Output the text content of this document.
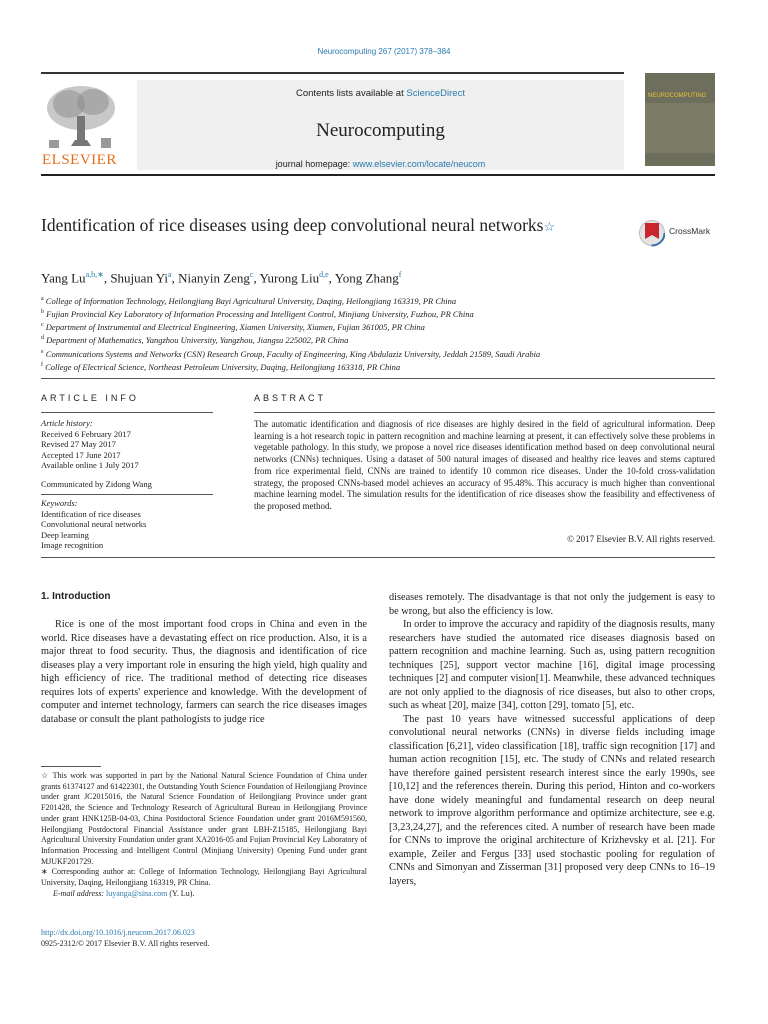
Neurocomputing 267 (2017) 378–384
ELSEVIER
Contents lists available at ScienceDirect
Neurocomputing
journal homepage: www.elsevier.com/locate/neucom
NEUROCOMPUTING
Identification of rice diseases using deep convolutional neural networks☆	CrossMark
Yang $Lu^{a,b,∗}$, Shujuan Yi$^a$, Nianyin Zeng$^c$, Yurong Liu$^{d,e}$, Yong Zhang$^f$
$^a$ College of Information Technology, Heilongjiang Bayi Agricultural University, Daqing, Heilongjiang 163319, PR China
$^b$ Fujian Provincial Key Laboratory of Information Processing and Intelligent Control, Minjiang University, Fuzhou, PR China
$^c$ Department of Instrumental and Electrical Engineering, Xiamen University, Xiamen, Fujian 361005, PR China
$^d$ Department of Mathematics, Yangzhou University, Yangzhou, Jiangsu 225002, PR China
$^e$ Communications Systems and Networks (CSN) Research Group, Faculty of Engineering, King Abdulaziz University, Jeddah 21589, Saudi Arabia
$^f$ College of Electrical Science, Northeast Petroleum University, Daqing, Heilongjiang 163318, PR China
ARTICLE INFO	ABSTRACT
Article history:
Received 6 February 2017
Revised 27 May 2017
Accepted 17 June 2017
Available online 1 July 2017
Communicated by Zidong Wang
Keywords:
Identification of rice diseases
Convolutional neural networks
Deep learning
Image recognition
The automatic identification and diagnosis of rice diseases are highly desired in the field of agricultural information. Deep learning is a hot research topic in pattern recognition and machine learning at present, it can effectively solve these problems in vegetable pathology. In this study, we propose a novel rice diseases identification method based on deep convolutional neural networks (CNNs) techniques. Using a dataset of 500 natural images of diseased and healthy rice leaves and stems captured from rice experimental field, CNNs are trained to identify 10 common rice diseases. Under the 10-fold cross-validation strategy, the proposed CNNs-based model achieves an accuracy of 95.48%. This accuracy is much higher than conventional machine learning model. The simulation results for the identification of rice diseases show the feasibility and effectiveness of the proposed method.
© 2017 Elsevier B.V. All rights reserved.
1. Introduction

Rice is one of the most important food crops in China and even in the world. Rice diseases have a devastating effect on rice production. Also, it is a major threat to food security. Thus, the diagnosis and identification of rice diseases play a very important role in ensuring the high yield, high quality and high efficiency of rice. The traditional method of detecting rice diseases requires lots of experts' experience and knowledge. With the development of computer and internet technology, farmers can search the rice diseases images database or consult the plant pathologists to judge rice

☆ This work was supported in part by the National Natural Science Foundation of China under grants 61374127 and 61422301, the Outstanding Youth Science Foundation of Heilongjiang Province under grant JC2015016, the Natural Science Foundation of Heilongjiang Province under grant F201428, the Science and Technology Research of Agricultural Bureau in Heilongjiang Province under grant HNK125B-04-03, China Postdoctoral Science Foundation under grant 2016M591560, Heilongjiang Postdoctoral Financial Assistance under grant LBH-Z15185, Heilongjiang Bayi Agricultural University Foundation under grant XA2016-05 and Fujian Provincial Key Laboratory of Information Processing and Intelligent Control (Minjiang University) Opening Fund under grant MJUKF201729.
∗ Corresponding author at: College of Information Technology, Heilongjiang Bayi Agricultural University, Daqing, Heilongjiang 163319, PR China.
E-mail address: luyanga@sina.com (Y. Lu).
http://dx.doi.org/10.1016/j.neucom.2017.06.023
0925-2312/© 2017 Elsevier B.V. All rights reserved.
diseases remotely. The disadvantage is that not only the judgement is easy to be wrong, but also the efficiency is low.

In order to improve the accuracy and rapidity of the diagnosis results, many researchers have studied the automated rice diseases diagnosis based on pattern recognition and machine learning. Such as, using pattern recognition techniques [25], support vector machine [16], digital image processing techniques [2] and computer vision[1]. Meanwhile, these advanced techniques are not only applied to the diagnosis of rice diseases, but also to other crops, such as wheat [20], maize [34], cotton [29], tomato [5], etc.

The past 10 years have witnessed successful applications of deep convolutional neural networks (CNNs) in diverse fields including image classification [6,21], video classification [18], traffic sign recognition [17] and human action recognition [15], etc. The study of CNNs and related research have therefore gained persistent research interest since the early 1990s, see [10,12] and the references therein. During this period, Hinton and co-workers have done widely meaningful and fundamental research on deep neural network to improve algorithm performance and optimize architecture, see e.g. [3,23,24,27], and the references cited. A number of research have been made for CNNs to improve the original architecture of Krizhevsky et al. [21]. For example, Zeiler and Fergus [33] used stochastic pooling for regulation of CNNs and Simonyan and Zisserman [31] proposed very deep CNNs to 16–19 layers,
